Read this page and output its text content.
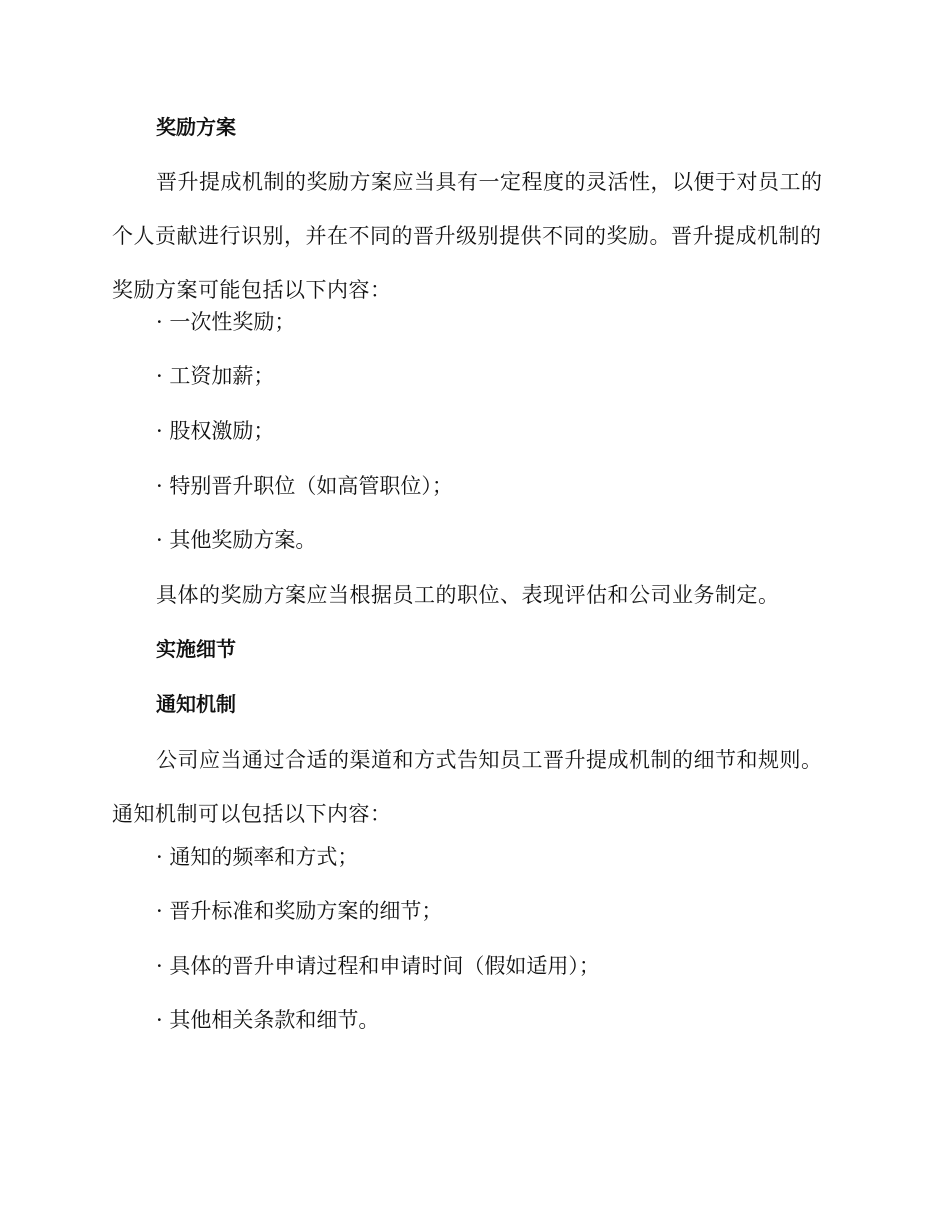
奖励方案

晋升提成机制的奖励方案应当具有一定程度的灵活性，以便于对员工的个人贡献进行识别，并在不同的晋升级别提供不同的奖励。晋升提成机制的奖励方案可能包括以下内容：

· 一次性奖励；

· 工资加薪；

· 股权激励；

· 特别晋升职位（如高管职位）；

· 其他奖励方案。

具体的奖励方案应当根据员工的职位、表现评估和公司业务制定。

实施细节
通知机制

公司应当通过合适的渠道和方式告知员工晋升提成机制的细节和规则。通知机制可以包括以下内容：

· 通知的频率和方式；

· 晋升标准和奖励方案的细节；

· 具体的晋升申请过程和申请时间（假如适用）；

· 其他相关条款和细节。
